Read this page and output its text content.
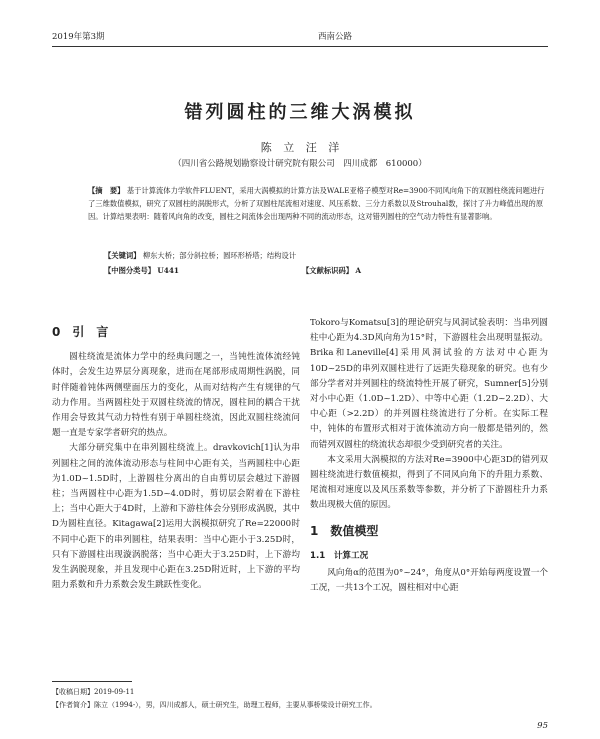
2019年第3期	西南公路
错列圆柱的三维大涡模拟
陈 立 汪 洋
（四川省公路规划勘察设计研究院有限公司　四川成都　610000）
【摘　要】 基于计算流体力学软件FLUENT，采用大涡模拟的计算方法及WALE亚格子模型对Re=3900不同风向角下的双圆柱绕流问题进行了三维数值模拟，研究了双圆柱的涡脱形式，分析了双圆柱尾流相对速度、风压系数、三分力系数以及Strouhal数，探讨了升力峰值出现的原因。计算结果表明：随着风向角的改变，圆柱之间流体会出现两种不同的流动形态，这对错列圆柱的空气动力特性有显著影响。
【关键词】 柳东大桥；部分斜拉桥；圆环形桥塔；结构设计
【中图分类号】 U441	【文献标识码】 A
0　引　言

圆柱绕流是流体力学中的经典问题之一，当钝性流体流经钝体时，会发生边界层分离现象，进而在尾部形成周期性涡脱，同时伴随着钝体两侧壁面压力的变化，从而对结构产生有规律的气动力作用。当两圆柱处于双圆柱绕流的情况，圆柱间的耦合干扰作用会导致其气动力特性有别于单圆柱绕流，因此双圆柱绕流问题一直是专家学者研究的热点。

大部分研究集中在串列圆柱绕流上。dravkovich[1]认为串列圆柱之间的流体流动形态与柱间中心距有关，当两圆柱中心距为1.0D~1.5D时，上游圆柱分离出的自由剪切层会越过下游圆柱；当两圆柱中心距为1.5D~4.0D时，剪切层会附着在下游柱上；当中心距大于4D时，上游和下游柱体会分别形成涡脱，其中D为圆柱直径。Kitagawa[2]运用大涡模拟研究了Re=22000时不同中心距下的串列圆柱，结果表明：当中心距小于3.25D时，只有下游圆柱出现漩涡脱落；当中心距大于3.25D时，上下游均发生涡脱现象，并且发现中心距在3.25D附近时，上下游的平均阻力系数和升力系数会发生跳跃性变化。

Tokoro与Komatsu[3]的理论研究与风洞试验表明：当串列圆柱中心距为4.3D风向角为15°时，下游圆柱会出现明显振动。Brika和Laneville[4]采用风洞试验的方法对中心距为10D~25D的串列双圆柱进行了远距失稳现象的研究。也有少部分学者对并列圆柱的绕流特性开展了研究，Sumner[5]分别对小中心距（1.0D~1.2D）、中等中心距（1.2D~2.2D）、大中心距（>2.2D）的并列圆柱绕流进行了分析。在实际工程中，钝体的布置形式相对于流体流动方向一般都是错列的，然而错列双圆柱的绕流状态却很少受到研究者的关注。

本文采用大涡模拟的方法对Re=3900中心距3D的错列双圆柱绕流进行数值模拟，得到了不同风向角下的升阻力系数、尾流相对速度以及风压系数等参数，并分析了下游圆柱升力系数出现极大值的原因。

1　数值模型
1.1　计算工况

风向角α的范围为0°~24°，角度从0°开始每两度设置一个工况，一共13个工况，圆柱相对中心距

【收稿日期】2019-09-11
【作者简介】陈立（1994-），男，四川成都人，硕士研究生，助理工程师，主要从事桥梁设计研究工作。
95
